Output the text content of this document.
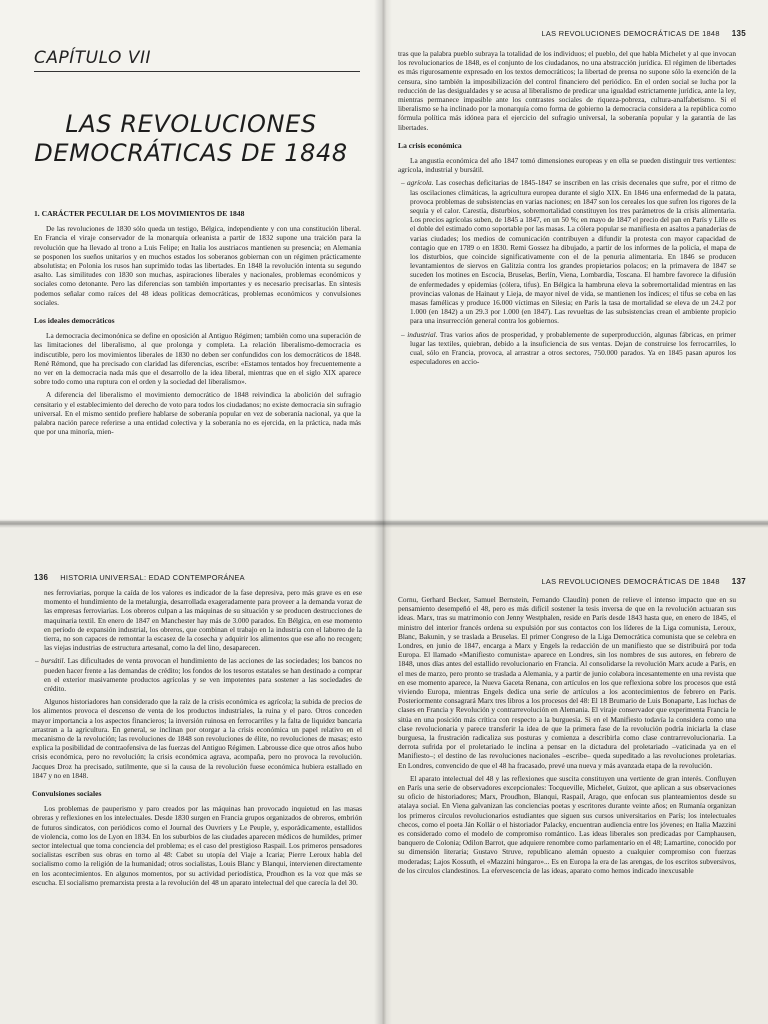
CAPÍTULO VII
LAS REVOLUCIONES
DEMOCRÁTICAS DE 1848
1. CARÁCTER PECULIAR DE LOS MOVIMIENTOS DE 1848

De las revoluciones de 1830 sólo queda un testigo, Bélgica, independiente y con una constitución liberal. En Francia el viraje conservador de la monarquía orleanista a partir de 1832 supone una traición para la revolución que ha llevado al trono a Luis Felipe; en Italia los austriacos mantienen su presencia; en Alemania se posponen los sueños unitarios y en muchos estados los soberanos gobiernan con un régimen prácticamente absolutista; en Polonia los rusos han suprimido todas las libertades. En 1848 la revolución intenta su segundo asalto. Las similitudes con 1830 son muchas, aspiraciones liberales y nacionales, problemas económicos y sociales como detonante. Pero las diferencias son también importantes y es necesario precisarlas. En síntesis podemos señalar como raíces del 48 ideas políticas democráticas, problemas económicos y convulsiones sociales.

Los ideales democráticos

La democracia decimonónica se define en oposición al Antiguo Régimen; también como una superación de las limitaciones del liberalismo, al que prolonga y completa. La relación liberalismo-democracia es indiscutible, pero los movimientos liberales de 1830 no deben ser confundidos con los democráticos de 1848. René Rémond, que ha precisado con claridad las diferencias, escribe: «Estamos tentados hoy frecuentemente a no ver en la democracia nada más que el desarrollo de la idea liberal, mientras que en el siglo XIX aparece sobre todo como una ruptura con el orden y la sociedad del liberalismo».

A diferencia del liberalismo el movimiento democrático de 1848 reivindica la abolición del sufragio censitario y el establecimiento del derecho de voto para todos los ciudadanos; no existe democracia sin sufragio universal. En el mismo sentido prefiere hablarse de soberanía popular en vez de soberanía nacional, ya que la palabra nación parece referirse a una entidad colectiva y la soberanía no es ejercida, en la práctica, nada más que por una minoría, mien-

LAS REVOLUCIONES DEMOCRÁTICAS DE 1848 135

tras que la palabra pueblo subraya la totalidad de los individuos; el pueblo, del que habla Michelet y al que invocan los revolucionarios de 1848, es el conjunto de los ciudadanos, no una abstracción jurídica. El régimen de libertades es más rigurosamente expresado en los textos democráticos; la libertad de prensa no supone sólo la exención de la censura, sino también la imposibilización del control financiero del periódico. En el orden social se lucha por la reducción de las desigualdades y se acusa al liberalismo de predicar una igualdad estrictamente jurídica, ante la ley, mientras permanece impasible ante los contrastes sociales de riqueza-pobreza, cultura-analfabetismo. Si el liberalismo se ha inclinado por la monarquía como forma de gobierno la democracia considera a la república como fórmula política más idónea para el ejercicio del sufragio universal, la soberanía popular y la garantía de las libertades.

La crisis económica

La angustia económica del año 1847 tomó dimensiones europeas y en ella se pueden distinguir tres vertientes: agrícola, industrial y bursátil.

– agrícola. Las cosechas deficitarias de 1845-1847 se inscriben en las crisis decenales que sufre, por el ritmo de las oscilaciones climáticas, la agricultura europea durante el siglo XIX. En 1846 una enfermedad de la patata, provoca problemas de subsistencias en varias naciones; en 1847 son los cereales los que sufren los rigores de la sequía y el calor. Carestía, disturbios, sobremortalidad constituyen los tres parámetros de la crisis alimentaria. Los precios agrícolas suben, de 1845 a 1847, en un 50 %; en mayo de 1847 el precio del pan en París y Lille es el doble del estimado como soportable por las masas. La cólera popular se manifiesta en asaltos a panaderías de varias ciudades; los medios de comunicación contribuyen a difundir la protesta con mayor capacidad de contagio que en 1789 o en 1830. Remi Gossez ha dibujado, a partir de los informes de la policía, el mapa de los disturbios, que coincide significativamente con el de la penuria alimentaria. En 1846 se producen levantamientos de siervos en Galitzia contra los grandes propietarios polacos; en la primavera de 1847 se suceden los motines en Escocia, Bruselas, Berlín, Viena, Lombardía, Toscana. El hambre favorece la difusión de enfermedades y epidemias (cólera, tifus). En Bélgica la hambruna eleva la sobremortalidad mientras en las provincias valonas de Hainaut y Lieja, de mayor nivel de vida, se mantienen los índices; el tifus se ceba en las masas famélicas y produce 16.000 víctimas en Silesia; en París la tasa de mortalidad se eleva de un 24.2 por 1.000 (en 1842) a un 29.3 por 1.000 (en 1847). Las revueltas de las subsistencias crean el ambiente propicio para una insurrección general contra los gobiernos.
– industrial. Tras varios años de prosperidad, y probablemente de superproducción, algunas fábricas, en primer lugar las textiles, quiebran, debido a la insuficiencia de sus ventas. Dejan de construirse los ferrocarriles, lo cual, sólo en Francia, provoca, al arrastrar a otros sectores, 750.000 parados. Ya en 1845 pasan apuros los especuladores en accio-
136 HISTORIA UNIVERSAL: EDAD CONTEMPORÁNEA

nes ferroviarias, porque la caída de los valores es indicador de la fase depresiva, pero más grave es en ese momento el hundimiento de la metalurgia, desarrollada exageradamente para proveer a la demanda voraz de las empresas ferroviarias. Los obreros culpan a las máquinas de su situación y se producen destrucciones de maquinaria textil. En enero de 1847 en Manchester hay más de 3.000 parados. En Bélgica, en ese momento en período de expansión industrial, los obreros, que combinan el trabajo en la industria con el laboreo de la tierra, no son capaces de remontar la escasez de la cosecha y adquirir los alimentos que ese año no recogen; las viejas industrias de estructura artesanal, como la del lino, desaparecen.

– bursátil. Las dificultades de venta provocan el hundimiento de las acciones de las sociedades; los bancos no pueden hacer frente a las demandas de crédito; los fondos de los tesoros estatales se han destinado a comprar en el exterior masivamente productos agrícolas y se ven impotentes para sostener a las sociedades de crédito.

Algunos historiadores han considerado que la raíz de la crisis económica es agrícola; la subida de precios de los alimentos provoca el descenso de venta de los productos industriales, la ruina y el paro. Otros conceden mayor importancia a los aspectos financieros; la inversión ruinosa en ferrocarriles y la falta de liquidez bancaria arrastran a la agricultura. En general, se inclinan por otorgar a la crisis económica un papel relativo en el mecanismo de la revolución; las revoluciones de 1848 son revoluciones de élite, no revoluciones de masas; esto explica la posibilidad de contraofensiva de las fuerzas del Antiguo Régimen. Labrousse dice que otros años hubo crisis económica, pero no revolución; la crisis económica agrava, acompaña, pero no provoca la revolución. Jacques Droz ha precisado, sutilmente, que si la causa de la revolución fuese económica hubiera estallado en 1847 y no en 1848.

Convulsiones sociales

Los problemas de pauperismo y paro creados por las máquinas han provocado inquietud en las masas obreras y reflexiones en los intelectuales. Desde 1830 surgen en Francia grupos organizados de obreros, embrión de futuros sindicatos, con periódicos como el Journal des Ouvriers y Le Peuple, y, esporádicamente, estallidos de violencia, como los de Lyon en 1834. En los suburbios de las ciudades aparecen médicos de humildes, primer sector intelectual que toma conciencia del problema; es el caso del prestigioso Raspail. Los primeros pensadores socialistas escriben sus obras en torno al 48: Cabet su utopía del Viaje a Icaria; Pierre Leroux habla del socialismo como la religión de la humanidad; otros socialistas, Louis Blanc y Blanqui, intervienen directamente en los acontecimientos. En algunos momentos, por su actividad periodística, Proudhon es la voz que más se escucha. El socialismo premarxista presta a la revolución del 48 un aparato intelectual del que carecía la del 30.

LAS REVOLUCIONES DEMOCRÁTICAS DE 1848 137

Cornu, Gerhard Becker, Samuel Bernstein, Fernando Claudín) ponen de relieve el intenso impacto que en su pensamiento desempeñó el 48, pero es más difícil sostener la tesis inversa de que en la revolución actuaran sus ideas. Marx, tras su matrimonio con Jenny Westphalen, reside en París desde 1843 hasta que, en enero de 1845, el ministro del interior francés ordena su expulsión por sus contactos con los líderes de la Liga comunista, Leroux, Blanc, Bakunin, y se traslada a Bruselas. El primer Congreso de la Liga Democrática comunista que se celebra en Londres, en junio de 1847, encarga a Marx y Engels la redacción de un manifiesto que se distribuirá por toda Europa. El llamado «Manifiesto comunista» aparece en Londres, sin los nombres de sus autores, en febrero de 1848, unos días antes del estallido revolucionario en Francia. Al consolidarse la revolución Marx acude a París, en el mes de marzo, pero pronto se traslada a Alemania, y a partir de junio colabora incesantemente en una revista que en ese momento aparece, la Nueva Gaceta Renana, con artículos en los que reflexiona sobre los procesos que está viviendo Europa, mientras Engels dedica una serie de artículos a los acontecimientos de febrero en París. Posteriormente consagrará Marx tres libros a los procesos del 48: El 18 Brumario de Luis Bonaparte, Las luchas de clases en Francia y Revolución y contrarrevolución en Alemania. El viraje conservador que experimenta Francia le sitúa en una posición más crítica con respecto a la burguesía. Si en el Manifiesto todavía la considera como una clase revolucionaria y parece transferir la idea de que la primera fase de la revolución podría iniciarla la clase burguesa, la frustración radicaliza sus posturas y comienza a describirla como clase contrarrevolucionaria. La derrota sufrida por el proletariado le inclina a pensar en la dictadura del proletariado –vaticinada ya en el Manifiesto–; el destino de las revoluciones nacionales –escribe– queda supeditado a las revoluciones proletarias. En Londres, convencido de que el 48 ha fracasado, prevé una nueva y más avanzada etapa de la revolución.

El aparato intelectual del 48 y las reflexiones que suscita constituyen una vertiente de gran interés. Confluyen en París una serie de observadores excepcionales: Tocqueville, Michelet, Guizot, que aplican a sus observaciones su oficio de historiadores; Marx, Proudhon, Blanqui, Raspail, Arago, que enfocan sus planteamientos desde su atalaya social. En Viena galvanizan las conciencias poetas y escritores durante veinte años; en Rumanía organizan los primeros círculos revolucionarios estudiantes que siguen sus cursos universitarios en París; los intelectuales checos, como el poeta Ján Kollár o el historiador Palacky, encuentran audiencia entre los jóvenes; en Italia Mazzini es considerado como el modelo de compromiso romántico. Las ideas liberales son predicadas por Camphausen, banquero de Colonia; Odilon Barrot, que adquiere renombre como parlamentario en el 48; Lamartine, conocido por su dimensión literaria; Gustavo Struve, republicano alemán opuesto a cualquier compromiso con fuerzas moderadas; Lajos Kossuth, el «Mazzini húngaro»... Es en Europa la era de las arengas, de los escritos subversivos, de los círculos clandestinos. La efervescencia de las ideas, aparato como hemos indicado inexcusable
